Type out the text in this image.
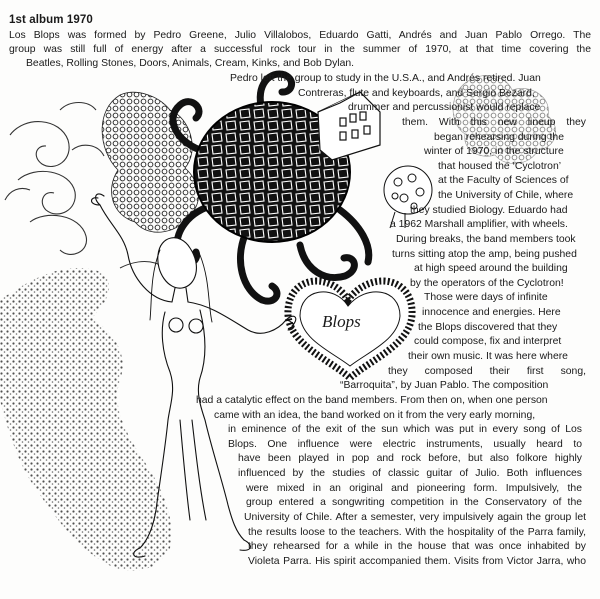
1st album 1970
Blops
Los Blops was formed by Pedro Greene, Julio Villalobos, Eduardo Gatti, Andrés and Juan Pablo Orrego. The
group was still full of energy after a successful rock tour in the summer of 1970, at that time covering the
Beatles, Rolling Stones, Doors, Animals, Cream, Kinks, and Bob Dylan.
Pedro left the group to study in the U.S.A., and Andrés retired. Juan
Contreras, flute and keyboards, and Sergio Bezard,
drummer and percussionist would replace
them. With this new lineup they
began rehearsing during the
winter of 1970, in the structure
that housed the ‘Cyclotron’
at the Faculty of Sciences of
the University of Chile, where
they studied Biology. Eduardo had
a 1962 Marshall amplifier, with wheels.
During breaks, the band members took
turns sitting atop the amp, being pushed
at high speed around the building
by the operators of the Cyclotron!
Those were days of infinite
innocence and energies. Here
the Blops discovered that they
could compose, fix and interpret
their own music. It was here where
they composed their first song,
“Barroquita”, by Juan Pablo. The composition
had a catalytic effect on the band members. From then on, when one person
came with an idea, the band worked on it from the very early morning,
in eminence of the exit of the sun which was put in every song of Los
Blops. One influence were electric instruments, usually heard to
have been played in pop and rock before, but also folkore highly
influenced by the studies of classic guitar of Julio. Both influences
were mixed in an original and pioneering form. Impulsively, the
group entered a songwriting competition in the Conservatory of the
University of Chile. After a semester, very impulsively again the group let
the results loose to the teachers. With the hospitality of the Parra family,
they rehearsed for a while in the house that was once inhabited by
Violeta Parra. His spirit accompanied them. Visits from Victor Jarra, who
